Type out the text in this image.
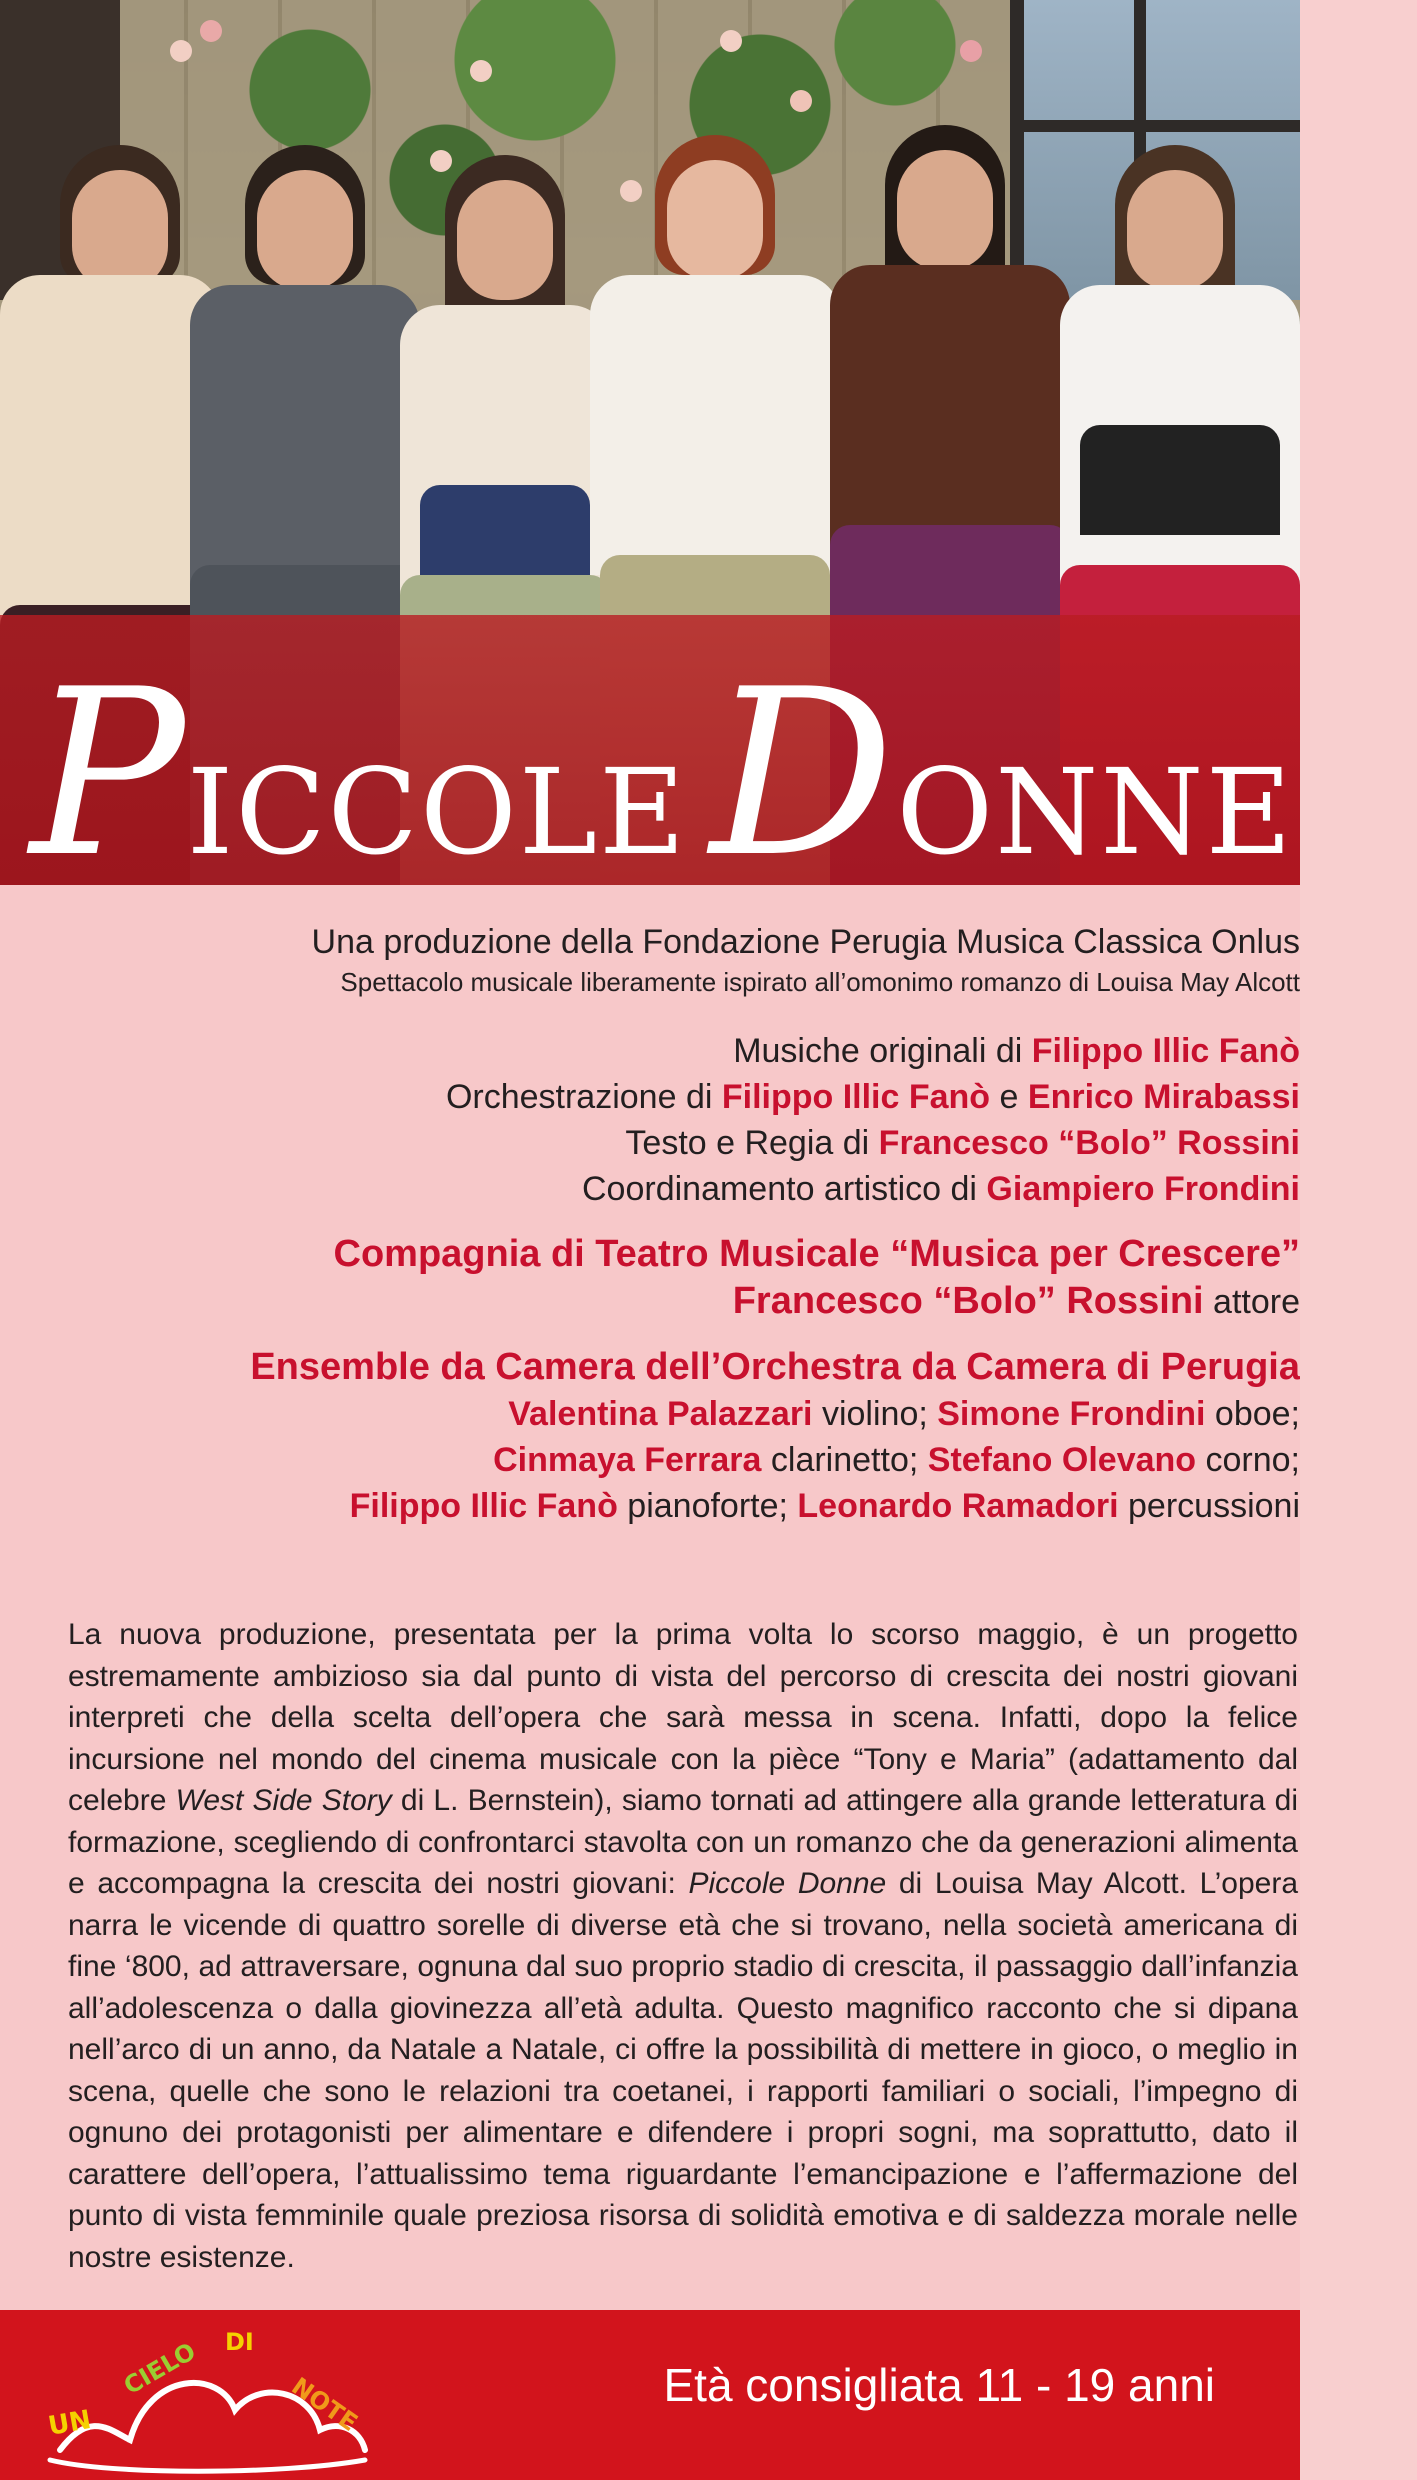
PICCOLE DONNE
Una produzione della Fondazione Perugia Musica Classica Onlus
Spettacolo musicale liberamente ispirato all’omonimo romanzo di Louisa May Alcott
Musiche originali di Filippo Illic Fanò
Orchestrazione di Filippo Illic Fanò e Enrico Mirabassi
Testo e Regia di Francesco “Bolo” Rossini
Coordinamento artistico di Giampiero Frondini
Compagnia di Teatro Musicale “Musica per Crescere”
Francesco “Bolo” Rossini attore
Ensemble da Camera dell’Orchestra da Camera di Perugia
Valentina Palazzari violino; Simone Frondini oboe;
Cinmaya Ferrara clarinetto; Stefano Olevano corno;
Filippo Illic Fanò pianoforte; Leonardo Ramadori percussioni

La nuova produzione, presentata per la prima volta lo scorso maggio, è un progetto estremamente ambizioso sia dal punto di vista del percorso di crescita dei nostri giovani interpreti che della scelta dell’opera che sarà messa in scena. Infatti, dopo la felice incursione nel mondo del cinema musicale con la pièce “Tony e Maria” (adattamento dal celebre West Side Story di L. Bernstein), siamo tornati ad attingere alla grande letteratura di formazione, scegliendo di confrontarci stavolta con un romanzo che da generazioni alimenta e accompagna la crescita dei nostri giovani: Piccole Donne di Louisa May Alcott. L’opera narra le vicende di quattro sorelle di diverse età che si trovano, nella società americana di fine ‘800, ad attraversare, ognuna dal suo proprio stadio di crescita, il passaggio dall’infanzia all’adolescenza o dalla giovinezza all’età adulta. Questo magnifico racconto che si dipana nell’arco di un anno, da Natale a Natale, ci offre la possibilità di mettere in gioco, o meglio in scena, quelle che sono le relazioni tra coetanei, i rapporti familiari o sociali, l’impegno di ognuno dei protagonisti per alimentare e difendere i propri sogni, ma soprattutto, dato il carattere dell’opera, l’attualissimo tema riguardante l’emancipazione e l’affermazione del punto di vista femminile quale preziosa risorsa di solidità emotiva e di saldezza morale nelle nostre esistenze.

UN
CIELO DI
NOTE	Età consigliata 11 - 19 anni
